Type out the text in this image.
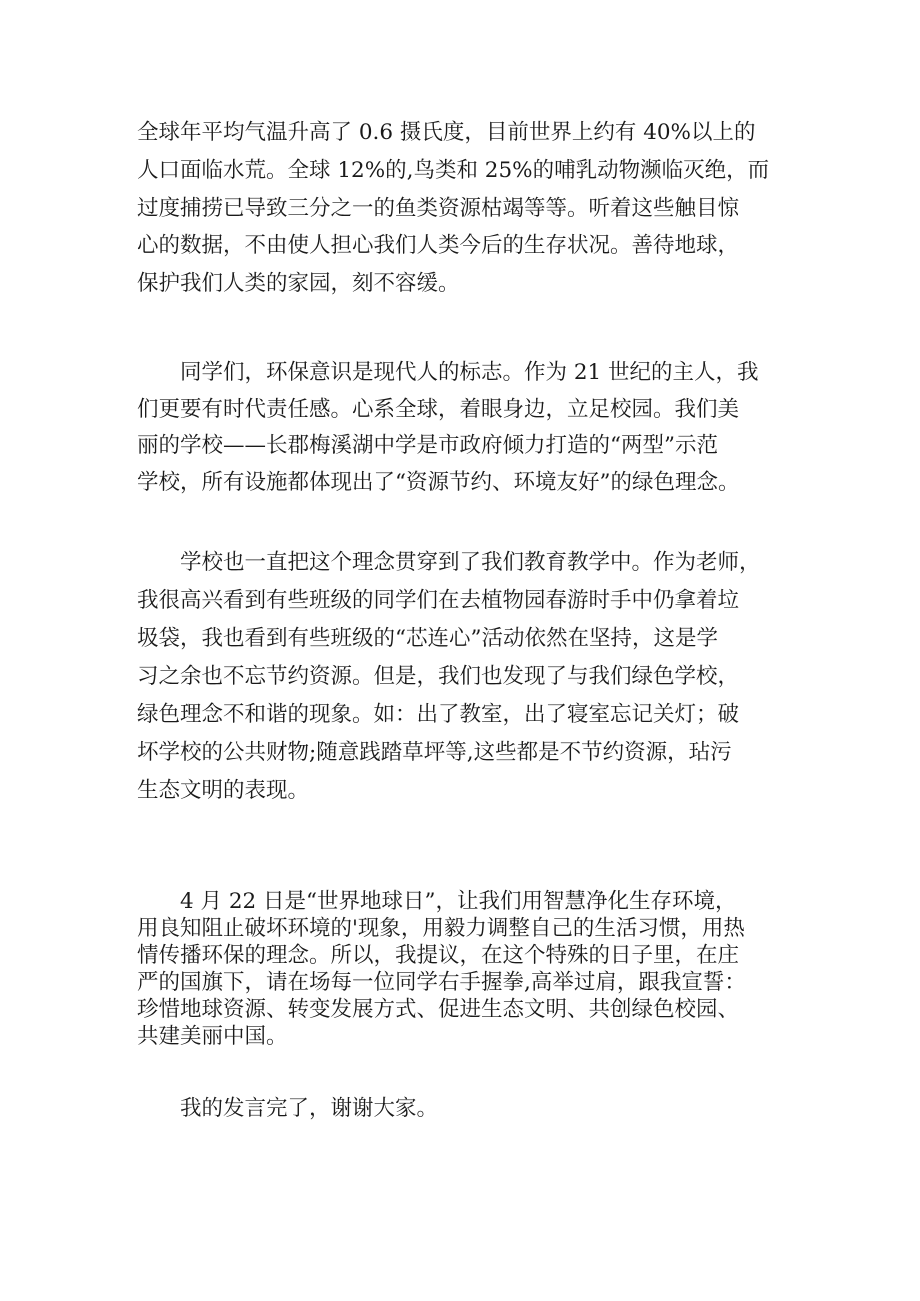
全球年平均气温升高了 0.6 摄氏度，目前世界上约有 40%以上的
人口面临水荒。全球 12%的,鸟类和 25%的哺乳动物濒临灭绝，而
过度捕捞已导致三分之一的鱼类资源枯竭等等。听着这些触目惊
心的数据，不由使人担心我们人类今后的生存状况。善待地球，
保护我们人类的家园，刻不容缓。
　　同学们，环保意识是现代人的标志。作为 21 世纪的主人，我
们更要有时代责任感。心系全球，着眼身边，立足校园。我们美
丽的学校——长郡梅溪湖中学是市政府倾力打造的“两型”示范
学校，所有设施都体现出了“资源节约、环境友好”的绿色理念。
　　学校也一直把这个理念贯穿到了我们教育教学中。作为老师，
我很高兴看到有些班级的同学们在去植物园春游时手中仍拿着垃
圾袋，我也看到有些班级的“芯连心”活动依然在坚持，这是学
习之余也不忘节约资源。但是，我们也发现了与我们绿色学校，
绿色理念不和谐的现象。如：出了教室，出了寝室忘记关灯；破
坏学校的公共财物;随意践踏草坪等,这些都是不节约资源，玷污
生态文明的表现。
　　4 月 22 日是“世界地球日”，让我们用智慧净化生存环境，
用良知阻止破坏环境的'现象，用毅力调整自己的生活习惯，用热
情传播环保的理念。所以，我提议，在这个特殊的日子里，在庄
严的国旗下，请在场每一位同学右手握拳,高举过肩，跟我宣誓：
珍惜地球资源、转变发展方式、促进生态文明、共创绿色校园、
共建美丽中国。
　　我的发言完了，谢谢大家。
